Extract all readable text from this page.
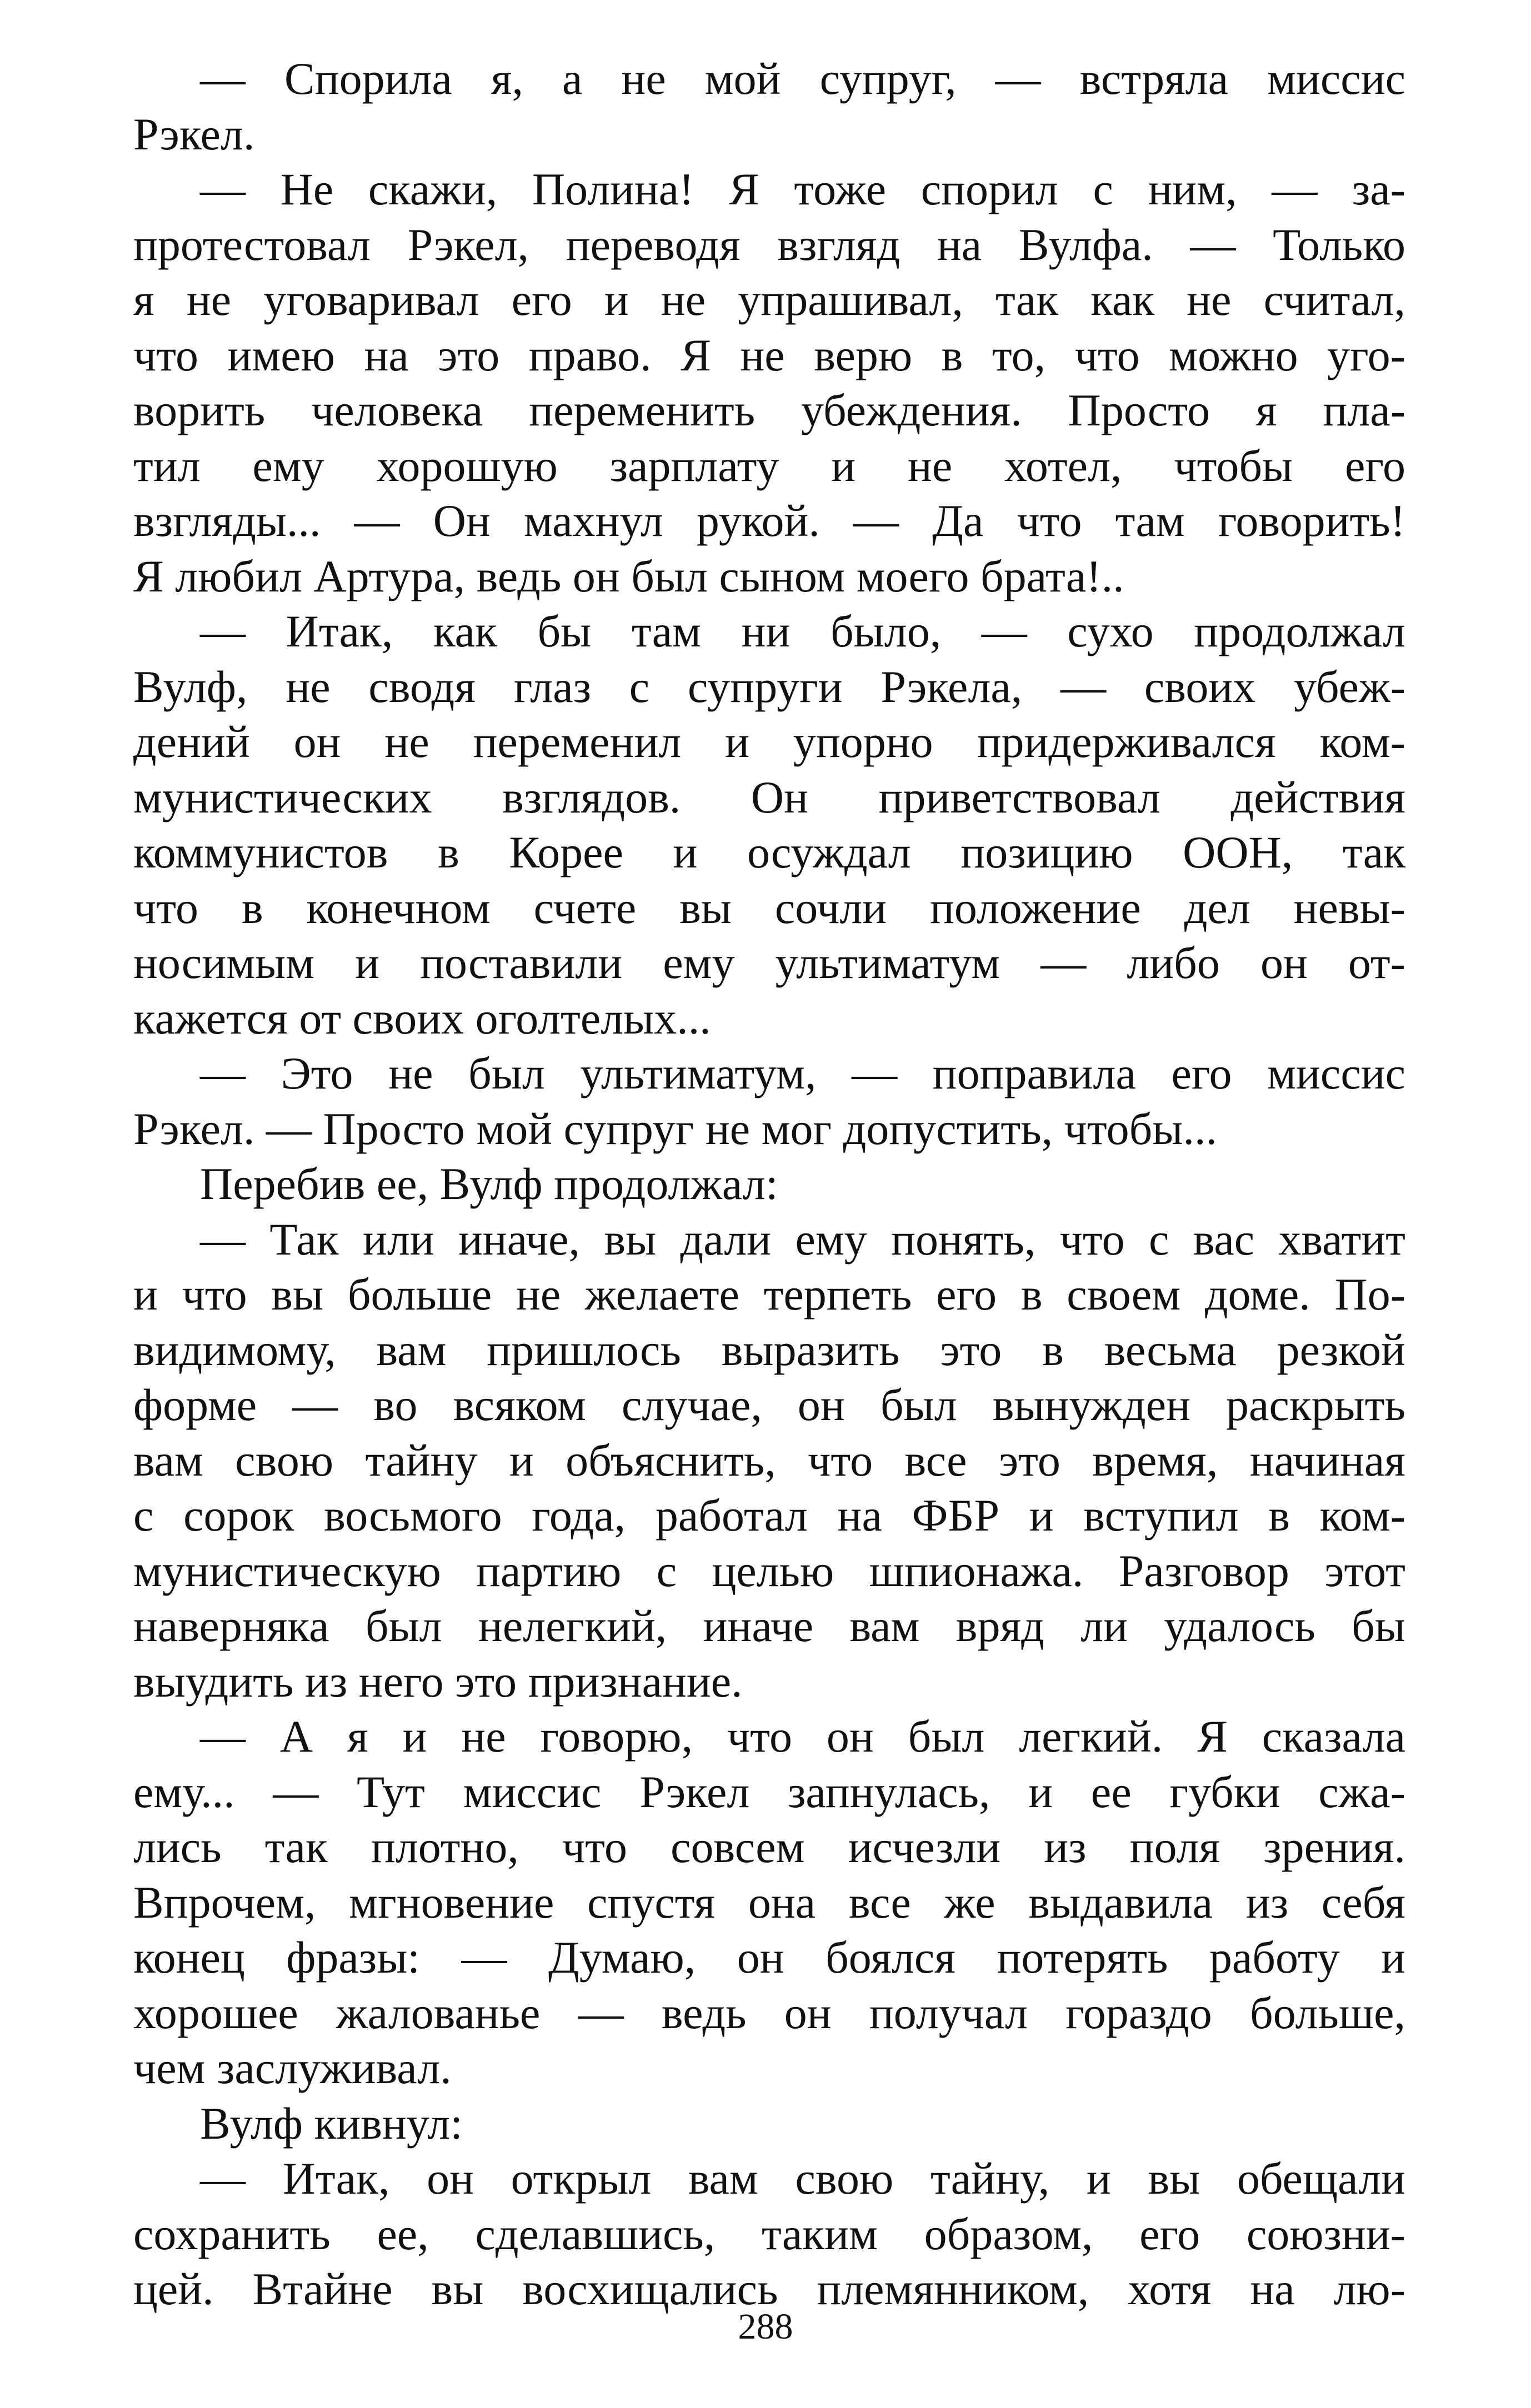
— Спорила я, а не мой супруг, — встряла миссис
Рэкел.
— Не скажи, Полина! Я тоже спорил с ним, — за-
протестовал Рэкел, переводя взгляд на Вулфа. — Только
я не уговаривал его и не упрашивал, так как не считал,
что имею на это право. Я не верю в то, что можно уго-
ворить человека переменить убеждения. Просто я пла-
тил ему хорошую зарплату и не хотел, чтобы его
взгляды... — Он махнул рукой. — Да что там говорить!
Я любил Артура, ведь он был сыном моего брата!..
— Итак, как бы там ни было, — сухо продолжал
Вулф, не сводя глаз с супруги Рэкела, — своих убеж-
дений он не переменил и упорно придерживался ком-
мунистических взглядов. Он приветствовал действия
коммунистов в Корее и осуждал позицию ООН, так
что в конечном счете вы сочли положение дел невы-
носимым и поставили ему ультиматум — либо он от-
кажется от своих оголтелых...
— Это не был ультиматум, — поправила его миссис
Рэкел. — Просто мой супруг не мог допустить, чтобы...
Перебив ее, Вулф продолжал:
— Так или иначе, вы дали ему понять, что с вас хватит
и что вы больше не желаете терпеть его в своем доме. По-
видимому, вам пришлось выразить это в весьма резкой
форме — во всяком случае, он был вынужден раскрыть
вам свою тайну и объяснить, что все это время, начиная
с сорок восьмого года, работал на ФБР и вступил в ком-
мунистическую партию с целью шпионажа. Разговор этот
наверняка был нелегкий, иначе вам вряд ли удалось бы
выудить из него это признание.
— А я и не говорю, что он был легкий. Я сказала
ему... — Тут миссис Рэкел запнулась, и ее губки сжа-
лись так плотно, что совсем исчезли из поля зрения.
Впрочем, мгновение спустя она все же выдавила из себя
конец фразы: — Думаю, он боялся потерять работу и
хорошее жалованье — ведь он получал гораздо больше,
чем заслуживал.
Вулф кивнул:
— Итак, он открыл вам свою тайну, и вы обещали
сохранить ее, сделавшись, таким образом, его союзни-
цей. Втайне вы восхищались племянником, хотя на лю-
288
